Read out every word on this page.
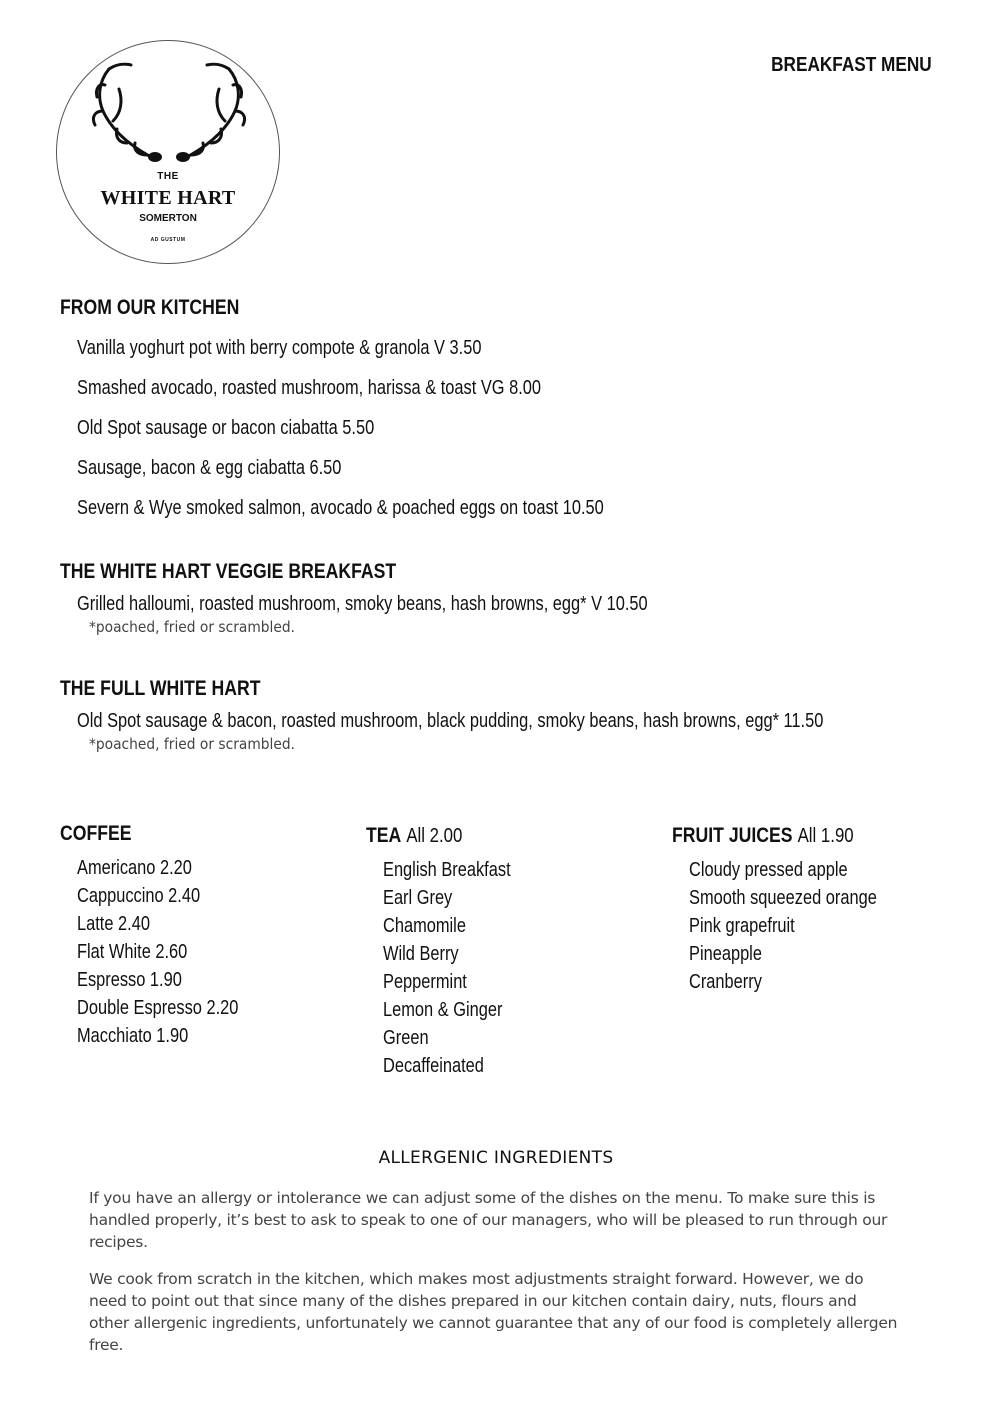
THE
WHITE HART
SOMERTON
AD GUSTUM
BREAKFAST MENU
FROM OUR KITCHEN
Vanilla yoghurt pot with berry compote & granola V 3.50
Smashed avocado, roasted mushroom, harissa & toast VG 8.00
Old Spot sausage or bacon ciabatta 5.50
Sausage, bacon & egg ciabatta 6.50
Severn & Wye smoked salmon, avocado & poached eggs on toast 10.50
THE WHITE HART VEGGIE BREAKFAST
Grilled halloumi, roasted mushroom, smoky beans, hash browns, egg* V 10.50
*poached, fried or scrambled.
THE FULL WHITE HART
Old Spot sausage & bacon, roasted mushroom, black pudding, smoky beans, hash browns, egg* 11.50
*poached, fried or scrambled.
COFFEE
Americano 2.20
Cappuccino 2.40
Latte 2.40
Flat White 2.60
Espresso 1.90
Double Espresso 2.20
Macchiato 1.90
TEA All 2.00
English Breakfast
Earl Grey
Chamomile
Wild Berry
Peppermint
Lemon & Ginger
Green
Decaffeinated
FRUIT JUICES All 1.90
Cloudy pressed apple
Smooth squeezed orange
Pink grapefruit
Pineapple
Cranberry
ALLERGENIC INGREDIENTS
If you have an allergy or intolerance we can adjust some of the dishes on the menu. To make sure this is handled properly, it’s best to ask to speak to one of our managers, who will be pleased to run through our recipes.
We cook from scratch in the kitchen, which makes most adjustments straight forward. However, we do need to point out that since many of the dishes prepared in our kitchen contain dairy, nuts, flours and other allergenic ingredients, unfortunately we cannot guarantee that any of our food is completely allergen free.
